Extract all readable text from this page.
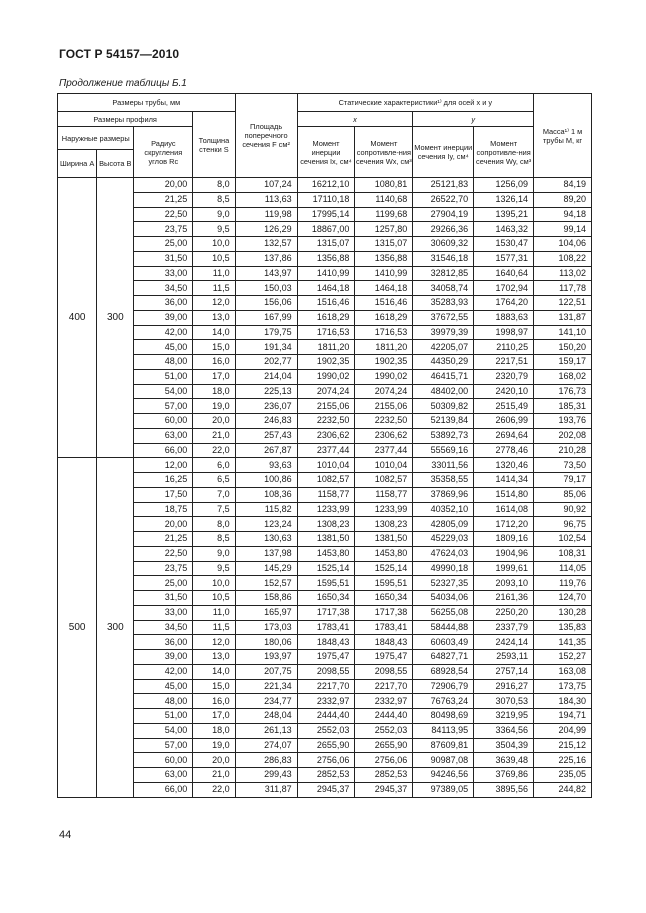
ГОСТ Р 54157—2010
Продолжение таблицы Б.1
Размеры трубы, мм				Площадь поперечного сечения F см²	Статические характеристики¹⁾ для осей x и y				Масса¹⁾ 1 м трубы M, кг
Размеры профиля			Толщина стенки S		x		y		
Наружные размеры		Радиус скругления углов Rc			Момент инерции сечения Ix, см⁴	Момент сопротивле-ния сечения Wx, см³	Момент инерции сечения Iy, см⁴	Момент сопротивле-ния сечения Wy, см³	
Ширина A	Высота B								
400	300	20,00	8,0	107,24	16212,10	1080,81	25121,83	1256,09	84,19
		21,25	8,5	113,63	17110,18	1140,68	26522,70	1326,14	89,20
		22,50	9,0	119,98	17995,14	1199,68	27904,19	1395,21	94,18
		23,75	9,5	126,29	18867,00	1257,80	29266,36	1463,32	99,14
		25,00	10,0	132,57	1315,07	1315,07	30609,32	1530,47	104,06
		31,50	10,5	137,86	1356,88	1356,88	31546,18	1577,31	108,22
		33,00	11,0	143,97	1410,99	1410,99	32812,85	1640,64	113,02
		34,50	11,5	150,03	1464,18	1464,18	34058,74	1702,94	117,78
		36,00	12,0	156,06	1516,46	1516,46	35283,93	1764,20	122,51
		39,00	13,0	167,99	1618,29	1618,29	37672,55	1883,63	131,87
		42,00	14,0	179,75	1716,53	1716,53	39979,39	1998,97	141,10
		45,00	15,0	191,34	1811,20	1811,20	42205,07	2110,25	150,20
		48,00	16,0	202,77	1902,35	1902,35	44350,29	2217,51	159,17
		51,00	17,0	214,04	1990,02	1990,02	46415,71	2320,79	168,02
		54,00	18,0	225,13	2074,24	2074,24	48402,00	2420,10	176,73
		57,00	19,0	236,07	2155,06	2155,06	50309,82	2515,49	185,31
		60,00	20,0	246,83	2232,50	2232,50	52139,84	2606,99	193,76
		63,00	21,0	257,43	2306,62	2306,62	53892,73	2694,64	202,08
		66,00	22,0	267,87	2377,44	2377,44	55569,16	2778,46	210,28
500	300	12,00	6,0	93,63	1010,04	1010,04	33011,56	1320,46	73,50
		16,25	6,5	100,86	1082,57	1082,57	35358,55	1414,34	79,17
		17,50	7,0	108,36	1158,77	1158,77	37869,96	1514,80	85,06
		18,75	7,5	115,82	1233,99	1233,99	40352,10	1614,08	90,92
		20,00	8,0	123,24	1308,23	1308,23	42805,09	1712,20	96,75
		21,25	8,5	130,63	1381,50	1381,50	45229,03	1809,16	102,54
		22,50	9,0	137,98	1453,80	1453,80	47624,03	1904,96	108,31
		23,75	9,5	145,29	1525,14	1525,14	49990,18	1999,61	114,05
		25,00	10,0	152,57	1595,51	1595,51	52327,35	2093,10	119,76
		31,50	10,5	158,86	1650,34	1650,34	54034,06	2161,36	124,70
		33,00	11,0	165,97	1717,38	1717,38	56255,08	2250,20	130,28
		34,50	11,5	173,03	1783,41	1783,41	58444,88	2337,79	135,83
		36,00	12,0	180,06	1848,43	1848,43	60603,49	2424,14	141,35
		39,00	13,0	193,97	1975,47	1975,47	64827,71	2593,11	152,27
		42,00	14,0	207,75	2098,55	2098,55	68928,54	2757,14	163,08
		45,00	15,0	221,34	2217,70	2217,70	72906,79	2916,27	173,75
		48,00	16,0	234,77	2332,97	2332,97	76763,24	3070,53	184,30
		51,00	17,0	248,04	2444,40	2444,40	80498,69	3219,95	194,71
		54,00	18,0	261,13	2552,03	2552,03	84113,95	3364,56	204,99
		57,00	19,0	274,07	2655,90	2655,90	87609,81	3504,39	215,12
		60,00	20,0	286,83	2756,06	2756,06	90987,08	3639,48	225,16
		63,00	21,0	299,43	2852,53	2852,53	94246,56	3769,86	235,05
		66,00	22,0	311,87	2945,37	2945,37	97389,05	3895,56	244,82
44
